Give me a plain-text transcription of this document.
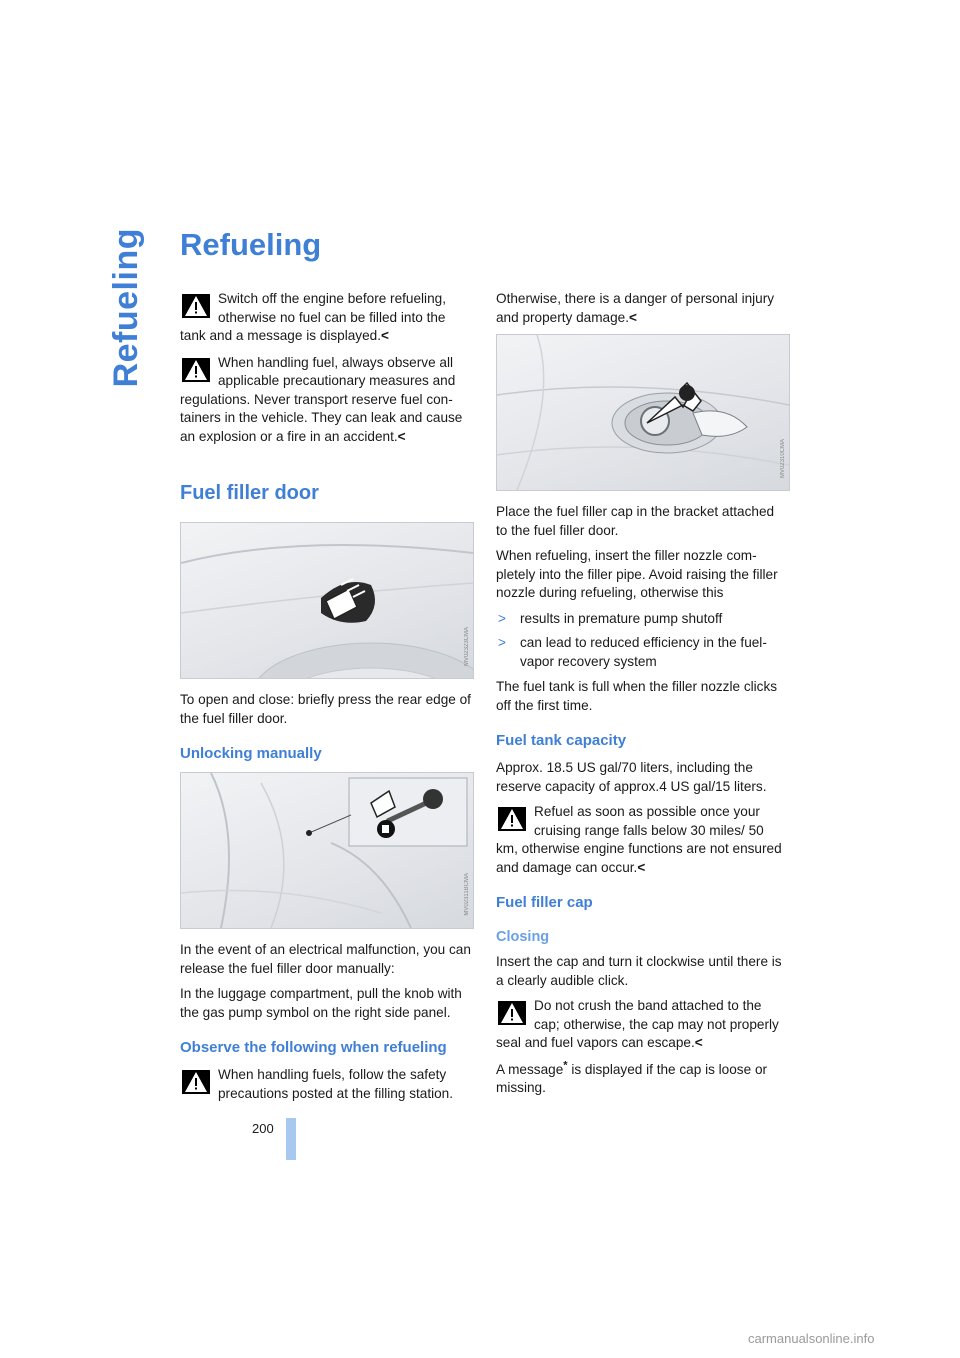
Refueling Refueling

Switch off the engine before refueling, otherwise no fuel can be filled into the tank and a message is displayed.<

When handling fuel, always observe all applicable precautionary measures and regulations. Never transport reserve fuel con-tainers in the vehicle. They can leak and cause an explosion or a fire in an accident.<

Fuel filler door
MV02323CMA

To open and close: briefly press the rear edge of the fuel filler door.

Unlocking manually
MV02311BCMA

In the event of an electrical malfunction, you can release the fuel filler door manually:

In the luggage compartment, pull the knob with the gas pump symbol on the right side panel.

Observe the following when refueling

When handling fuels, follow the safety precautions posted at the filling station.

Otherwise, there is a danger of personal injury and property damage.<

MV02310CMA

Place the fuel filler cap in the bracket attached to the fuel filler door.

When refueling, insert the filler nozzle com-pletely into the filler pipe. Avoid raising the filler nozzle during refueling, otherwise this

> results in premature pump shutoff
> can lead to reduced efficiency in the fuel-vapor recovery system

The fuel tank is full when the filler nozzle clicks off the first time.

Fuel tank capacity

Approx. 18.5 US gal/70 liters, including the reserve capacity of approx.4 US gal/15 liters.

Refuel as soon as possible once your cruising range falls below 30 miles/ 50 km, otherwise engine functions are not ensured and damage can occur.<

Fuel filler cap
Closing

Insert the cap and turn it clockwise until there is a clearly audible click.

Do not crush the band attached to the cap; otherwise, the cap may not properly seal and fuel vapors can escape.<

A message* is displayed if the cap is loose or missing.

200

carmanualsonline.info
